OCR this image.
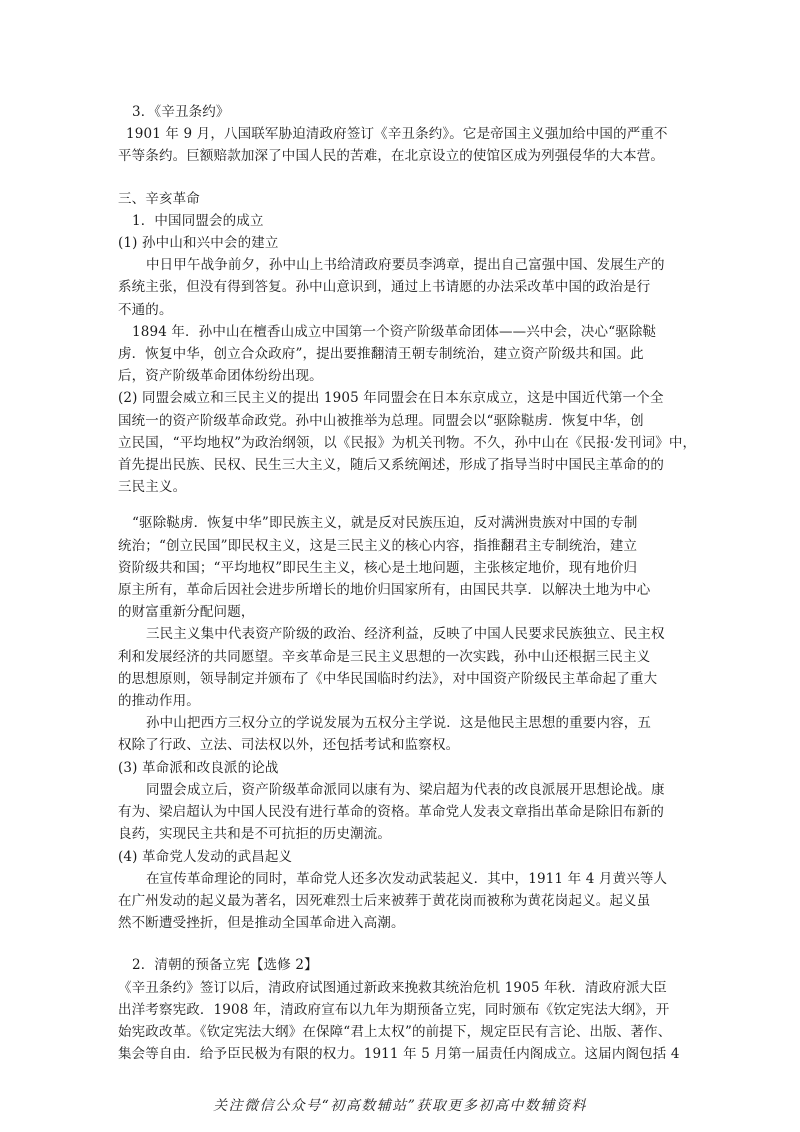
3．《辛丑条约》
1901 年 9 月，八国联军胁迫清政府签订《辛丑条约》。它是帝国主义强加给中国的严重不
平等条约。巨额赔款加深了中国人民的苦难，在北京设立的使馆区成为列强侵华的大本营。
三、辛亥革命
1．中国同盟会的成立
(1) 孙中山和兴中会的建立
中日甲午战争前夕，孙中山上书给清政府要员李鸿章，提出自己富强中国、发展生产的
系统主张，但没有得到答复。孙中山意识到，通过上书请愿的办法采改革中国的政治是行
不通的。
1894 年．孙中山在檀香山成立中国第一个资产阶级革命团体——兴中会，决心“驱除鞑
虏．恢复中华，创立合众政府”，提出要推翻清王朝专制统治，建立资产阶级共和国。此
后，资产阶级革命团体纷纷出现。
(2) 同盟会威立和三民主义的提出 1905 年同盟会在日本东京成立，这是中国近代第一个全
国统一的资产阶级革命政党。孙中山被推举为总理。同盟会以“驱除鞑虏．恢复中华，创
立民国，“平均地权”为政治纲领，以《民报》为机关刊物。不久，孙中山在《民报·发刊词》中，
首先提出民族、民权、民生三大主义，随后又系统阐述，形成了指导当时中国民主革命的的
三民主义。
“驱除鞑虏．恢复中华”即民族主义，就是反对民族压迫，反对满洲贵族对中国的专制
统治；“创立民国”即民权主义，这是三民主义的核心内容，指推翻君主专制统治，建立
资阶级共和国；“平均地权”即民生主义，核心是土地问题，主张核定地价，现有地价归
原主所有，革命后因社会进步所增长的地价归国家所有，由国民共享．以解决土地为中心
的财富重新分配问题，
三民主义集中代表资产阶级的政治、经济利益，反映了中国人民要求民族独立、民主权
利和发展经济的共同愿望。辛亥革命是三民主义思想的一次实践，孙中山还根据三民主义
的思想原则，领导制定并颁布了《中华民国临时约法》，对中国资产阶级民主革命起了重大
的推动作用。
孙中山把西方三权分立的学说发展为五权分主学说．这是他民主思想的重要内容，五
权除了行政、立法、司法权以外，还包括考试和监察权。
(3) 革命派和改良派的论战
同盟会成立后，资产阶级革命派同以康有为、梁启超为代表的改良派展开思想论战。康
有为、梁启超认为中国人民没有进行革命的资格。革命党人发表文章指出革命是除旧布新的
良药，实现民主共和是不可抗拒的历史潮流。
(4) 革命党人发动的武昌起义
在宣传革命理论的同时，革命党人还多次发动武装起义．其中，1911 年 4 月黄兴等人
在广州发动的起义最为著名，因死难烈士后来被葬于黄花岗而被称为黄花岗起义。起义虽
然不断遭受挫折，但是推动全国革命进入高潮。
2．清朝的预备立宪【选修 2】
《辛丑条约》签订以后，清政府试图通过新政来挽救其统治危机 1905 年秋．清政府派大臣
出洋考察宪政．1908 年，清政府宣布以九年为期预备立宪，同时颁布《钦定宪法大纲》，开
始宪政改革。《钦定宪法大纲》在保障“君上太权”的前提下，规定臣民有言论、出版、著作、
集会等自由．给予臣民极为有限的权力。1911 年 5 月第一届责任内阁成立。这届内阁包括 4
关注微信公众号“初高数辅站”获取更多初高中数辅资料
